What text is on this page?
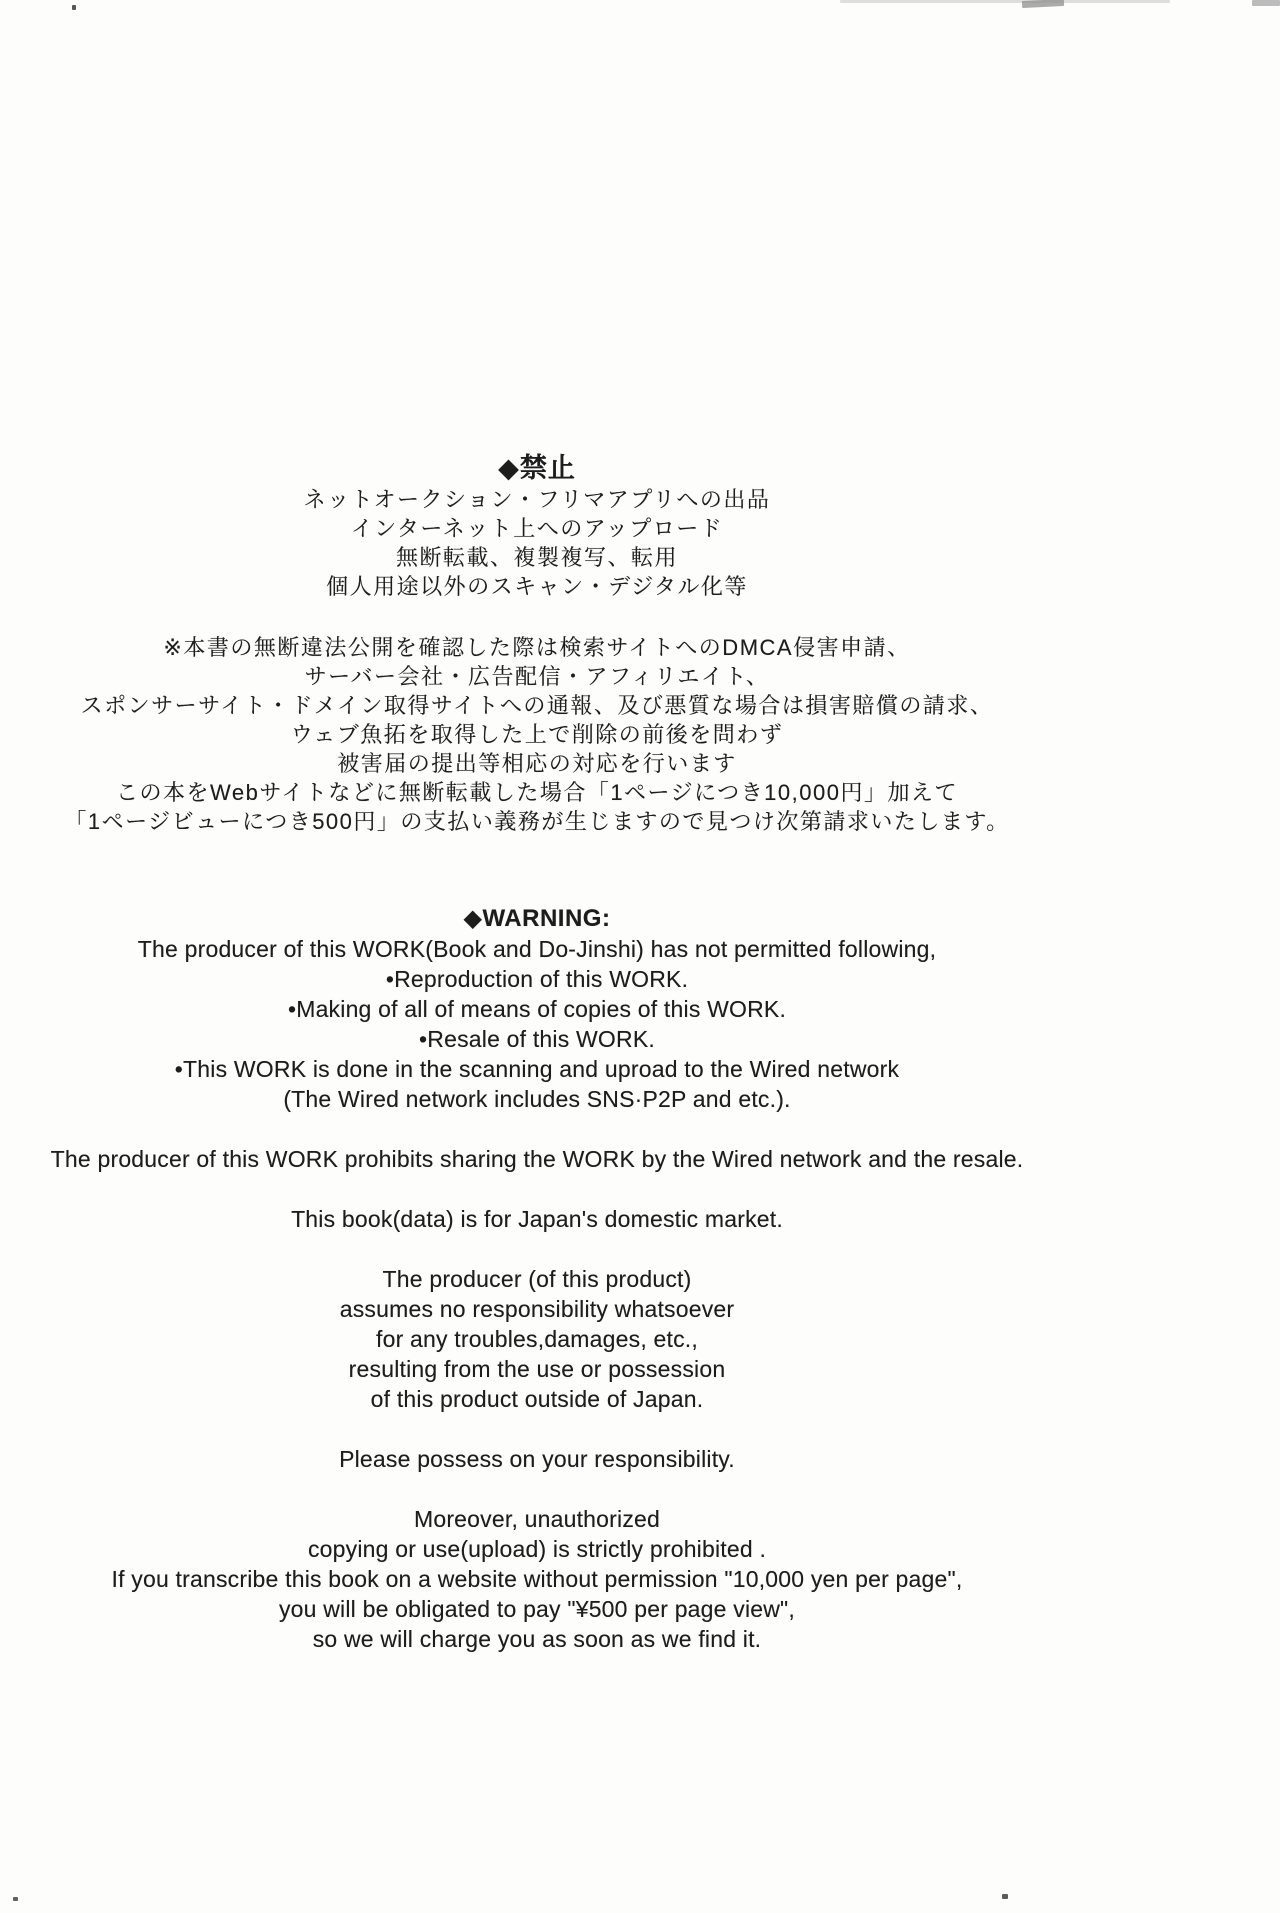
◆禁止
ネットオークション・フリマアプリへの出品
インターネット上へのアップロード
無断転載、複製複写、転用
個人用途以外のスキャン・デジタル化等
※本書の無断違法公開を確認した際は検索サイトへのDMCA侵害申請、
サーバー会社・広告配信・アフィリエイト、
スポンサーサイト・ドメイン取得サイトへの通報、及び悪質な場合は損害賠償の請求、
ウェブ魚拓を取得した上で削除の前後を問わず
被害届の提出等相応の対応を行います
この本をWebサイトなどに無断転載した場合「1ページにつき10,000円」加えて
「1ページビューにつき500円」の支払い義務が生じますので見つけ次第請求いたします。
◆WARNING:
The producer of this WORK(Book and Do-Jinshi) has not permitted following,
•Reproduction of this WORK.
•Making of all of means of copies of this WORK.
•Resale of this WORK.
•This WORK is done in the scanning and uproad to the Wired network
(The Wired network includes SNS·P2P and etc.).
The producer of this WORK prohibits sharing the WORK by the Wired network and the resale.
This book(data) is for Japan's domestic market.
The producer (of this product)
assumes no responsibility whatsoever
for any troubles,damages, etc.,
resulting from the use or possession
of this product outside of Japan.
Please possess on your responsibility.
Moreover, unauthorized
copying or use(upload) is strictly prohibited .
If you transcribe this book on a website without permission "10,000 yen per page",
you will be obligated to pay "¥500 per page view",
so we will charge you as soon as we find it.
